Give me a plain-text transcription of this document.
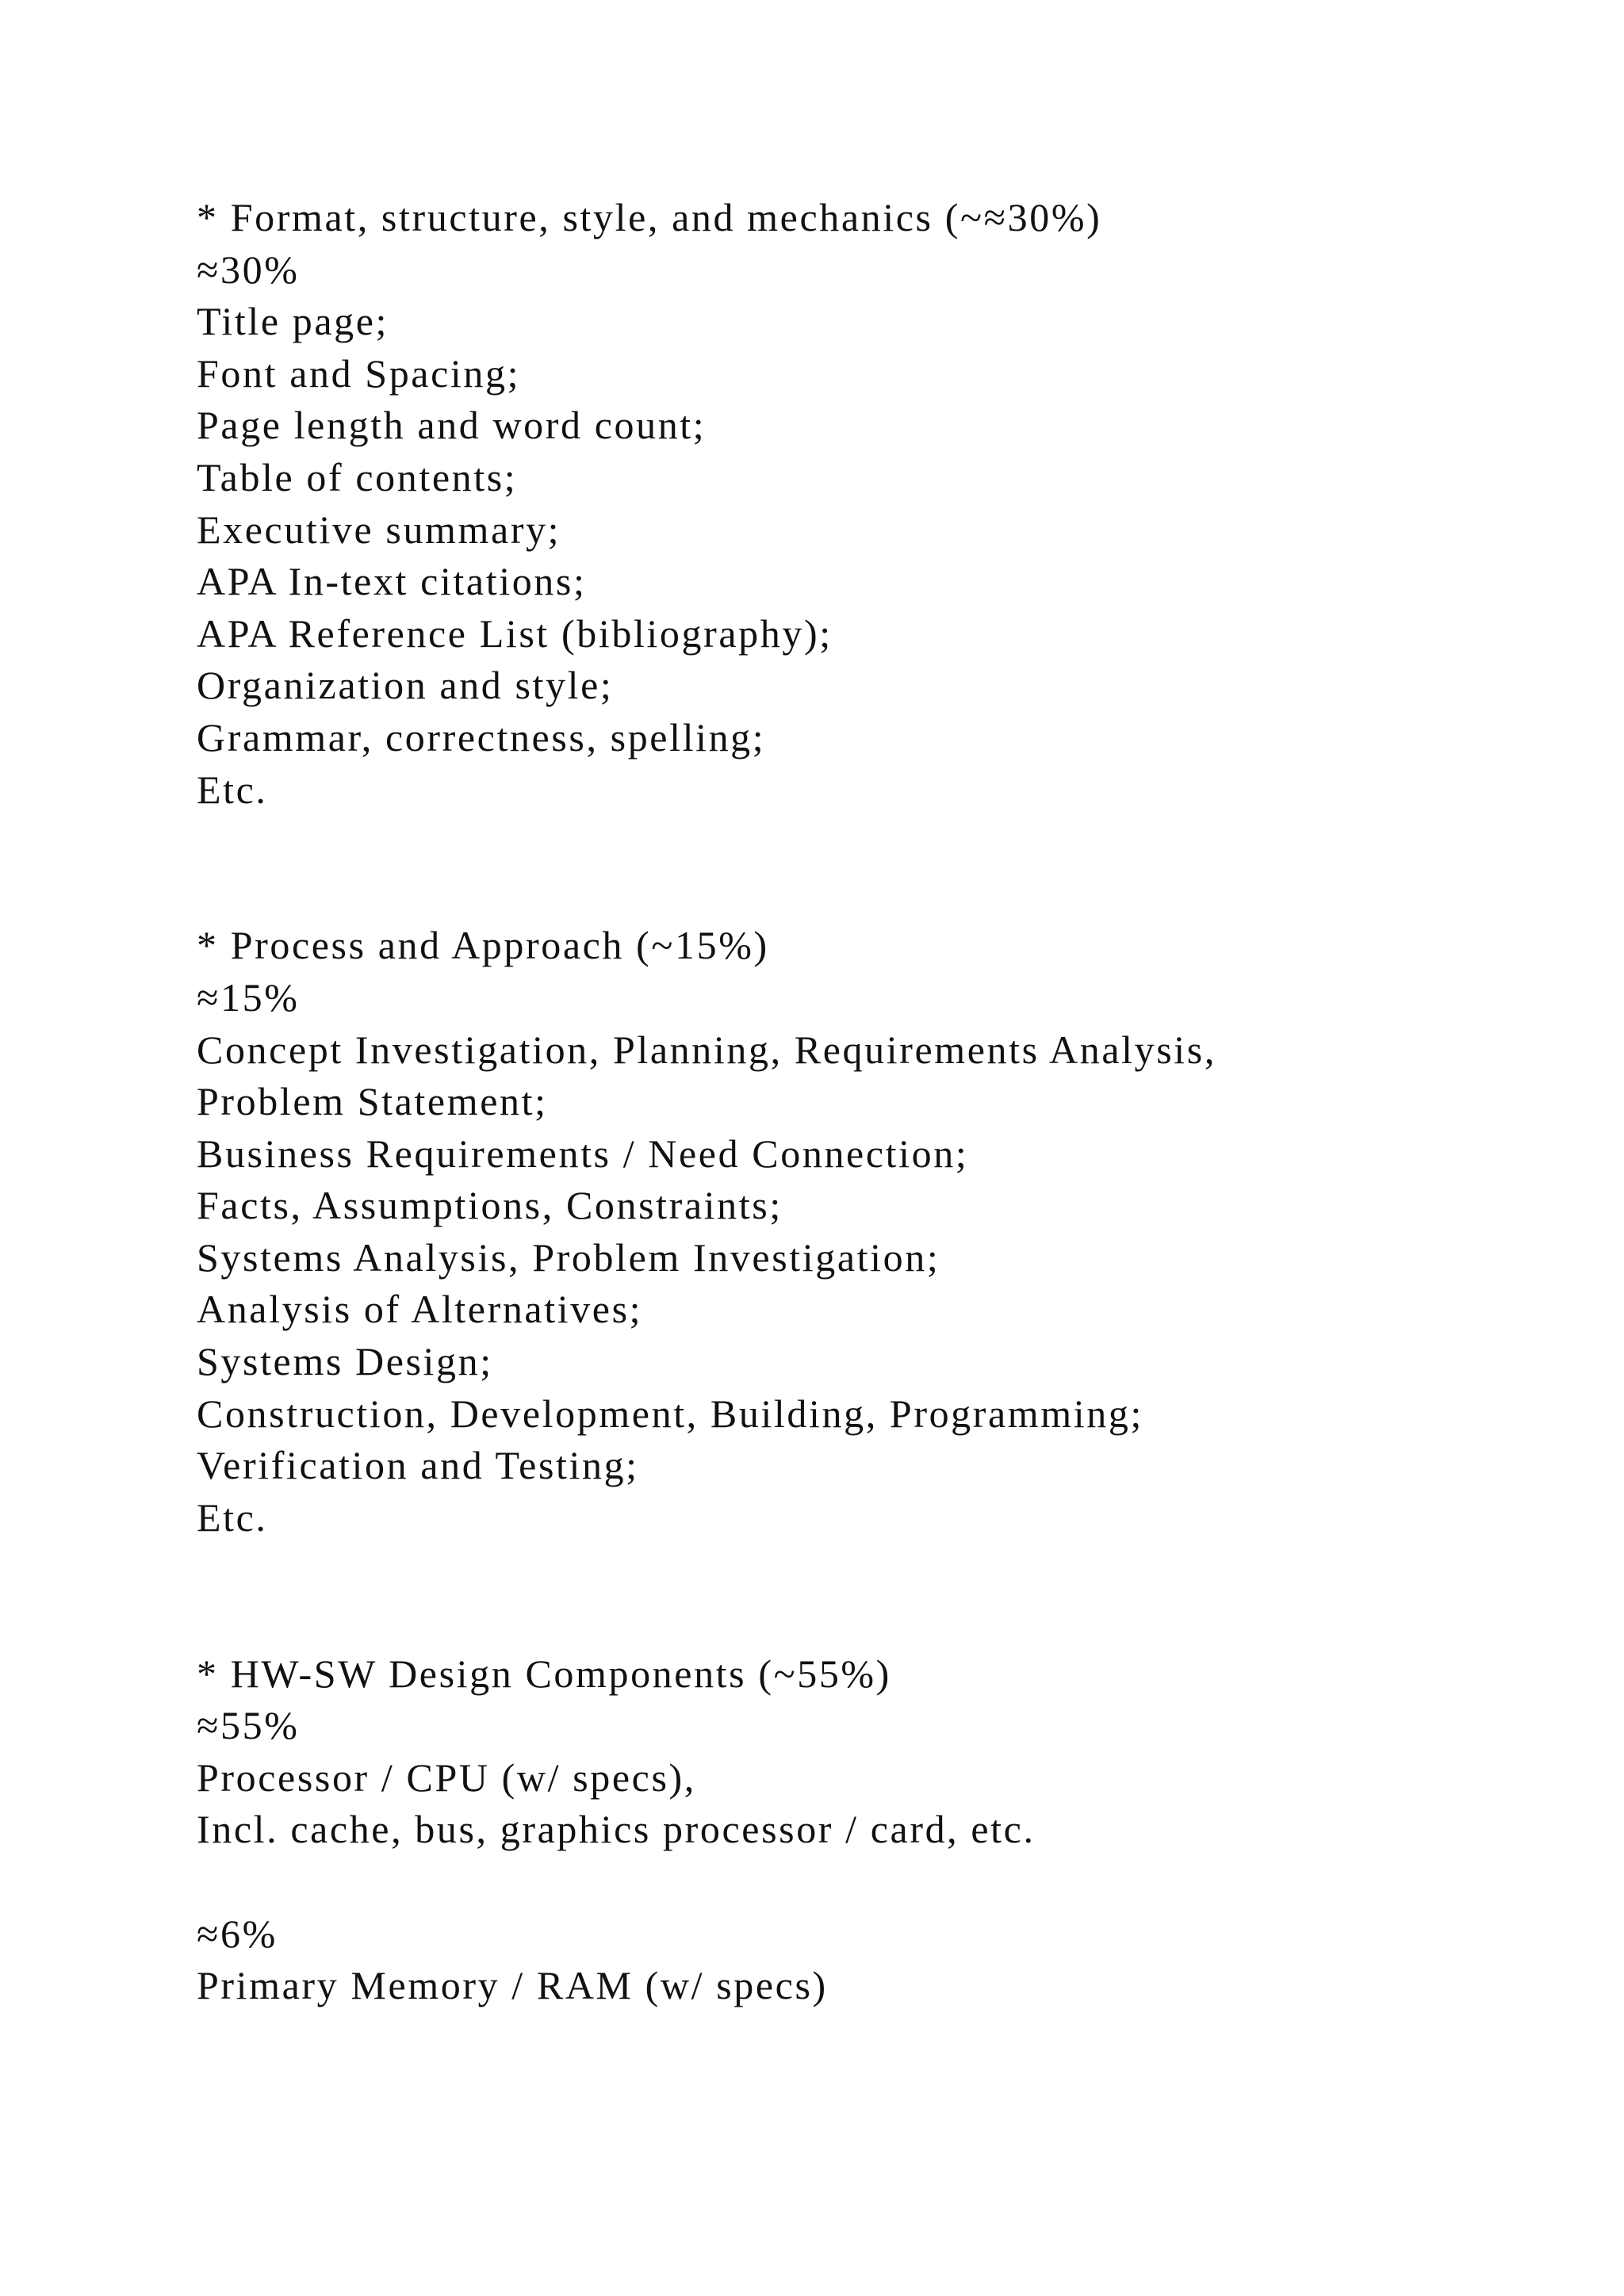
* Format, structure, style, and mechanics (~≈30%)
≈30%
Title page;
Font and Spacing;
Page length and word count;
Table of contents;
Executive summary;
APA In-text citations;
APA Reference List (bibliography);
Organization and style;
Grammar, correctness, spelling;
Etc.
* Process and Approach (~15%)
≈15%
Concept Investigation, Planning, Requirements Analysis,
Problem Statement;
Business Requirements / Need Connection;
Facts, Assumptions, Constraints;
Systems Analysis, Problem Investigation;
Analysis of Alternatives;
Systems Design;
Construction, Development, Building, Programming;
Verification and Testing;
Etc.
* HW-SW Design Components (~55%)
≈55%
Processor / CPU (w/ specs),
Incl. cache, bus, graphics processor / card, etc.
≈6%
Primary Memory / RAM (w/ specs)
